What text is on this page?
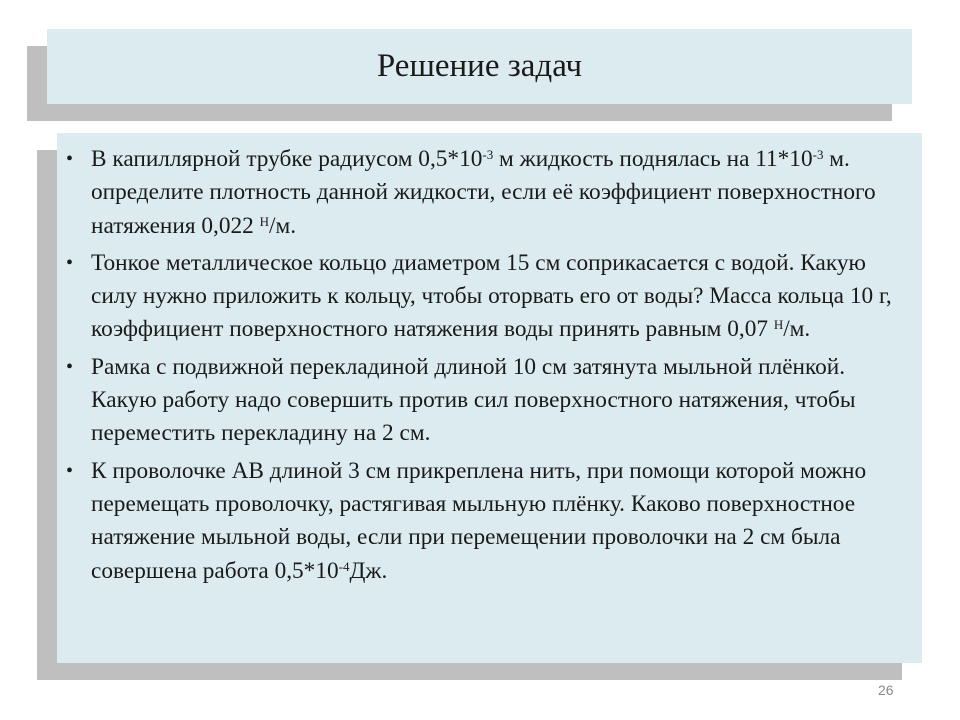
Решение задач
• В капиллярной трубке радиусом $0,5*10^{-3}$ м жидкость поднялась на $11*10^{-3}$ м. определите плотность данной жидкости, если её коэффициент поверхностного натяжения 0,022 $^Н$/м.
• Тонкое металлическое кольцо диаметром 15 см соприкасается с водой. Какую силу нужно приложить к кольцу, чтобы оторвать его от воды? Масса кольца 10 г, коэффициент поверхностного натяжения воды принять равным 0,07 $^Н$/м.
• Рамка с подвижной перекладиной длиной 10 см затянута мыльной плёнкой. Какую работу надо совершить против сил поверхностного натяжения, чтобы переместить перекладину на 2 см.
• К проволочке АВ длиной 3 см прикреплена нить, при помощи которой можно перемещать проволочку, растягивая мыльную плёнку. Каково поверхностное натяжение мыльной воды, если при перемещении проволочки на 2 см была совершена работа $0,5*10^{-4}Дж$.
26
